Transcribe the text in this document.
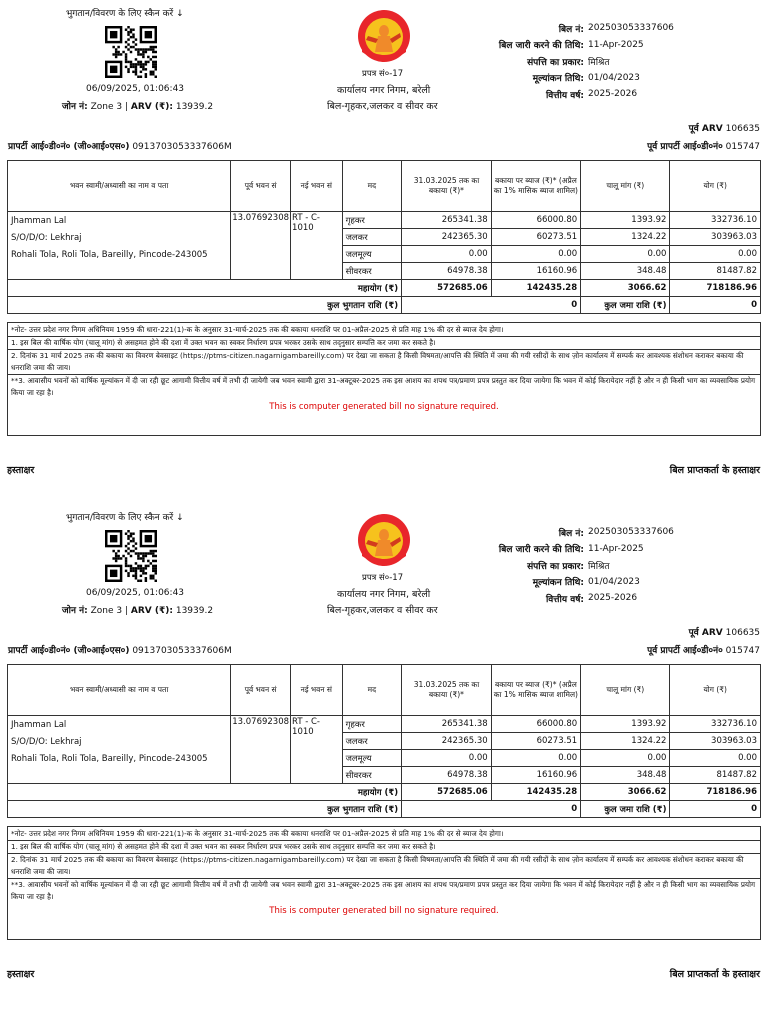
भुगतान/विवरण के लिए स्कैन करें ↓
06/09/2025, 01:06:43
जोन नं: Zone 3 | ARV (₹): 13939.2
प्रपत्र सं०-17
कार्यालय नगर निगम, बरेली
बिल-गृहकर,जलकर व सीवर कर
बिल नं: 202503053337606
बिल जारी करने की तिथि: 11-Apr-2025
संपत्ति का प्रकार: मिश्रित
मूल्यांकन तिथि: 01/04/2023
वित्तीय वर्ष: 2025-2026
पूर्व ARV 106635
प्रापर्टी आई०डी०नं० (जी०आई०एस०) 0913703053337606M	पूर्व प्रापर्टी आई०डी०नं० 015747
भवन स्वामी/अध्यासी का नाम व पता	पूर्व भवन सं	नई भवन सं	मद	31.03.2025 तक का बकाया (₹)*	बकाया पर ब्याज (₹)* (अप्रैल का 1% मासिक ब्याज शामिल)	चालू मांग (₹)	योग (₹)

Jhamman Lal
S/O/D/O: Lekhraj
Rohali Tola, Roli Tola, Bareilly, Pincode-243005	13.07692308	RT - C-1010	गृहकर	265341.38	66000.80	1393.92	332736.10
			जलकर	242365.30	60273.51	1324.22	303963.03
			जलमूल्य	0.00	0.00	0.00	0.00
			सीवरकर	64978.38	16160.96	348.48	81487.82
महायोग (₹)				572685.06	142435.28	3066.62	718186.96
कुल भुगतान राशि (₹)				0		कुल जमा राशि (₹)	0

*नोट- उत्तर प्रदेश नगर निगम अधिनियम 1959 की धारा-221(1)-क के अनुसार 31-मार्च-2025 तक की बकाया धनराशि पर 01-अप्रैल-2025 से प्रति माह 1% की दर से ब्याज देय होगा।

1. इस बिल की वार्षिक योग (चालू मांग) से असहमत होने की दशा में उक्त भवन का स्वकर निर्धारण प्रपत्र भरकर उसके साथ तद्नुसार सम्पत्ति कर जमा कर सकते है।

2. दिनांक 31 मार्च 2025 तक की बकाया का विवरण बेवसाइट (https://ptms-citizen.nagarnigambareilly.com) पर देखा जा सकता है किसी विषमता/आपत्ति की स्थिति में जमा की गयी रसीदों के साथ ज़ोन कार्यालय में सम्पर्क कर आवश्यक संशोधन कराकर बकाया की धनराशि जमा की जाय।

**3. आवासीय भवनों को वार्षिक मूल्यांकन में दी जा रही छूट आगामी वित्तीय वर्ष में तभी दी जायेगी जब भवन स्वामी द्वारा 31-अक्टूबर-2025 तक इस आशय का शपथ पत्र/प्रमाण प्रपत्र प्रस्तुत कर दिया जायेगा कि भवन में कोई किरायेदार नहीं है और न ही किसी भाग का व्यवसायिक प्रयोग किया जा रहा है।

This is computer generated bill no signature required.
हस्ताक्षर	बिल प्राप्तकर्ता के हस्ताक्षर
भुगतान/विवरण के लिए स्कैन करें ↓
06/09/2025, 01:06:43
जोन नं: Zone 3 | ARV (₹): 13939.2
प्रपत्र सं०-17
कार्यालय नगर निगम, बरेली
बिल-गृहकर,जलकर व सीवर कर
बिल नं: 202503053337606
बिल जारी करने की तिथि: 11-Apr-2025
संपत्ति का प्रकार: मिश्रित
मूल्यांकन तिथि: 01/04/2023
वित्तीय वर्ष: 2025-2026
पूर्व ARV 106635
प्रापर्टी आई०डी०नं० (जी०आई०एस०) 0913703053337606M	पूर्व प्रापर्टी आई०डी०नं० 015747
भवन स्वामी/अध्यासी का नाम व पता	पूर्व भवन सं	नई भवन सं	मद	31.03.2025 तक का बकाया (₹)*	बकाया पर ब्याज (₹)* (अप्रैल का 1% मासिक ब्याज शामिल)	चालू मांग (₹)	योग (₹)

Jhamman Lal
S/O/D/O: Lekhraj
Rohali Tola, Roli Tola, Bareilly, Pincode-243005	13.07692308	RT - C-1010	गृहकर	265341.38	66000.80	1393.92	332736.10
			जलकर	242365.30	60273.51	1324.22	303963.03
			जलमूल्य	0.00	0.00	0.00	0.00
			सीवरकर	64978.38	16160.96	348.48	81487.82
महायोग (₹)				572685.06	142435.28	3066.62	718186.96
कुल भुगतान राशि (₹)				0		कुल जमा राशि (₹)	0

*नोट- उत्तर प्रदेश नगर निगम अधिनियम 1959 की धारा-221(1)-क के अनुसार 31-मार्च-2025 तक की बकाया धनराशि पर 01-अप्रैल-2025 से प्रति माह 1% की दर से ब्याज देय होगा।

1. इस बिल की वार्षिक योग (चालू मांग) से असहमत होने की दशा में उक्त भवन का स्वकर निर्धारण प्रपत्र भरकर उसके साथ तद्नुसार सम्पत्ति कर जमा कर सकते है।

2. दिनांक 31 मार्च 2025 तक की बकाया का विवरण बेवसाइट (https://ptms-citizen.nagarnigambareilly.com) पर देखा जा सकता है किसी विषमता/आपत्ति की स्थिति में जमा की गयी रसीदों के साथ ज़ोन कार्यालय में सम्पर्क कर आवश्यक संशोधन कराकर बकाया की धनराशि जमा की जाय।

**3. आवासीय भवनों को वार्षिक मूल्यांकन में दी जा रही छूट आगामी वित्तीय वर्ष में तभी दी जायेगी जब भवन स्वामी द्वारा 31-अक्टूबर-2025 तक इस आशय का शपथ पत्र/प्रमाण प्रपत्र प्रस्तुत कर दिया जायेगा कि भवन में कोई किरायेदार नहीं है और न ही किसी भाग का व्यवसायिक प्रयोग किया जा रहा है।

This is computer generated bill no signature required.
हस्ताक्षर	बिल प्राप्तकर्ता के हस्ताक्षर
